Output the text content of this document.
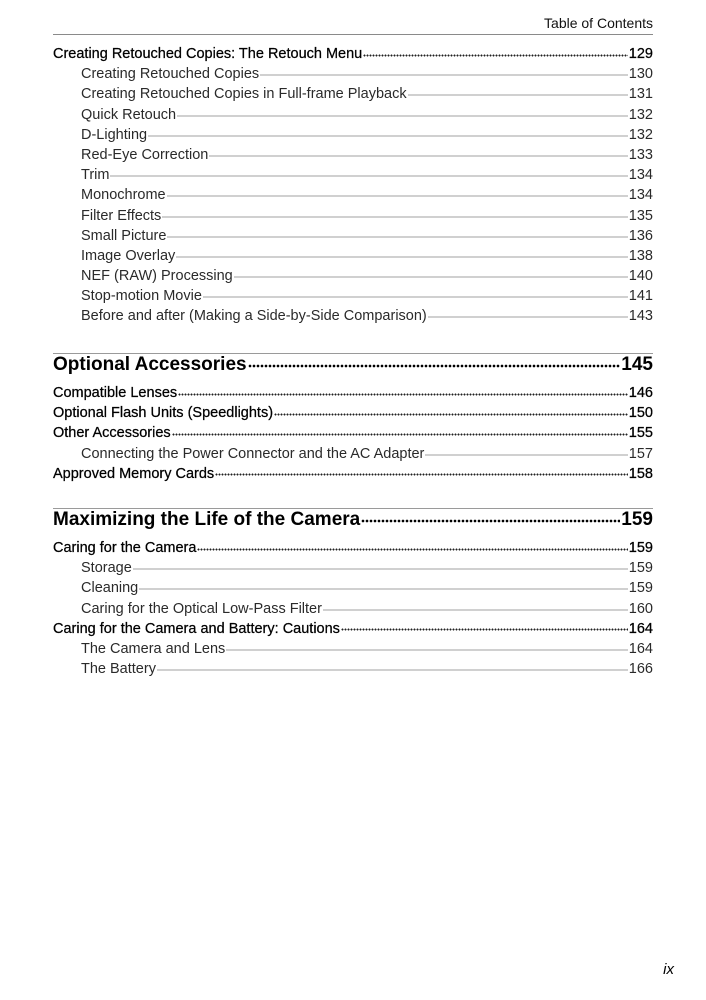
Table of Contents
Creating Retouched Copies: The Retouch Menu	129
Creating Retouched Copies	130
Creating Retouched Copies in Full-frame Playback	131
Quick Retouch	132
D-Lighting	132
Red-Eye Correction	133
Trim	134
Monochrome	134
Filter Effects	135
Small Picture	136
Image Overlay	138
NEF (RAW) Processing	140
Stop-motion Movie	141
Before and after (Making a Side-by-Side Comparison)	143
Optional Accessories	145
Compatible Lenses	146
Optional Flash Units (Speedlights)	150
Other Accessories	155
Connecting the Power Connector and the AC Adapter	157
Approved Memory Cards	158
Maximizing the Life of the Camera	159
Caring for the Camera	159
Storage	159
Cleaning	159
Caring for the Optical Low-Pass Filter	160
Caring for the Camera and Battery: Cautions	164
The Camera and Lens	164
The Battery	166
ix
